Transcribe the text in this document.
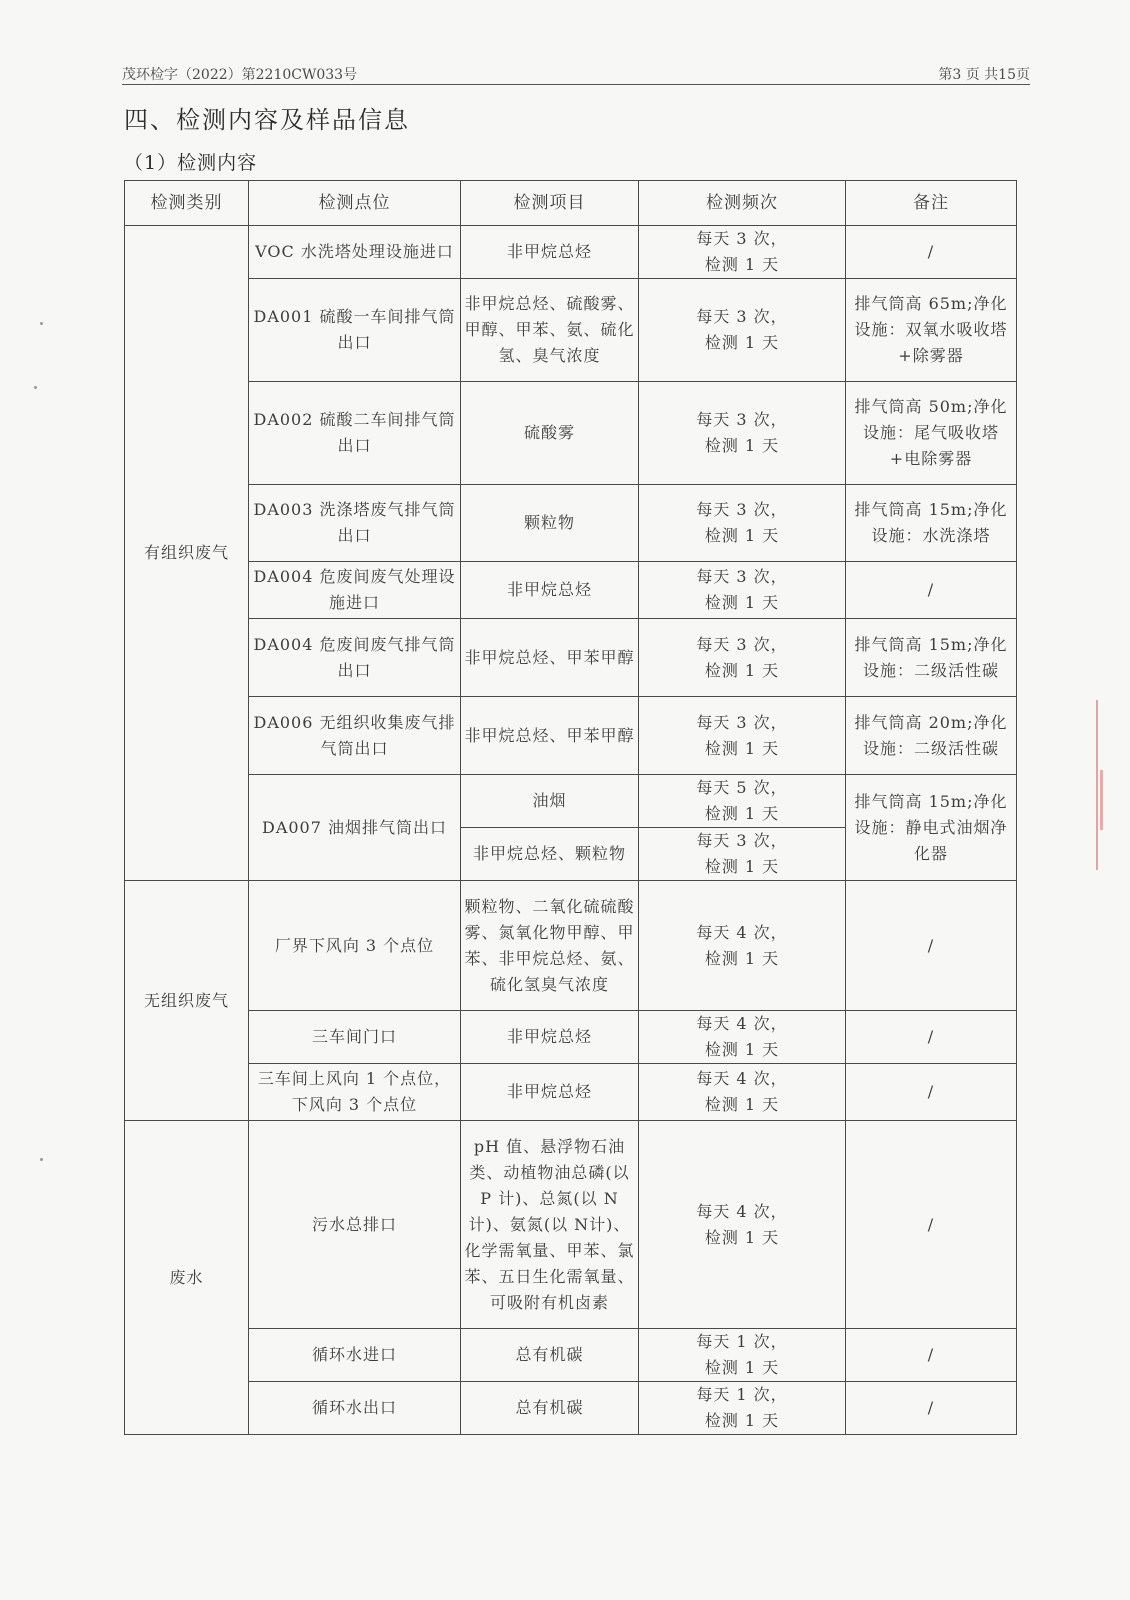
茂环检字（2022）第2210CW033号	第3 页 共15页
四、检测内容及样品信息
（1）检测内容
检测类别	检测点位	检测项目	检测频次	备注
有组织废气	VOC 水洗塔处理设施进口	非甲烷总烃	每天 3 次，检测 1 天	/
	DA001 硫酸一车间排气筒出口	非甲烷总烃、硫酸雾、甲醇、甲苯、氨、硫化氢、臭气浓度	每天 3 次，检测 1 天	排气筒高 65m;净化设施：双氧水吸收塔+除雾器
	DA002 硫酸二车间排气筒出口	硫酸雾	每天 3 次，检测 1 天	排气筒高 50m;净化设施：尾气吸收塔+电除雾器
	DA003 洗涤塔废气排气筒出口	颗粒物	每天 3 次，检测 1 天	排气筒高 15m;净化设施：水洗涤塔
	DA004 危废间废气处理设施进口	非甲烷总烃	每天 3 次，检测 1 天	/
	DA004 危废间废气排气筒出口	非甲烷总烃、甲苯甲醇	每天 3 次，检测 1 天	排气筒高 15m;净化设施：二级活性碳
	DA006 无组织收集废气排气筒出口	非甲烷总烃、甲苯甲醇	每天 3 次，检测 1 天	排气筒高 20m;净化设施：二级活性碳
	DA007 油烟排气筒出口	油烟	每天 5 次，检测 1 天	排气筒高 15m;净化设施：静电式油烟净化器
		非甲烷总烃、颗粒物	每天 3 次，检测 1 天	
无组织废气	厂界下风向 3 个点位	颗粒物、二氧化硫硫酸雾、氮氧化物甲醇、甲苯、非甲烷总烃、氨、硫化氢臭气浓度	每天 4 次，检测 1 天	/
	三车间门口	非甲烷总烃	每天 4 次，检测 1 天	/
	三车间上风向 1 个点位，下风向 3 个点位	非甲烷总烃	每天 4 次，检测 1 天	/
废水	污水总排口	pH 值、悬浮物石油类、动植物油总磷(以 P 计)、总氮(以 N 计)、氨氮(以 N计)、化学需氧量、甲苯、氯苯、五日生化需氧量、可吸附有机卤素	每天 4 次，检测 1 天	/
	循环水进口	总有机碳	每天 1 次，检测 1 天	/
	循环水出口	总有机碳	每天 1 次，检测 1 天	/
